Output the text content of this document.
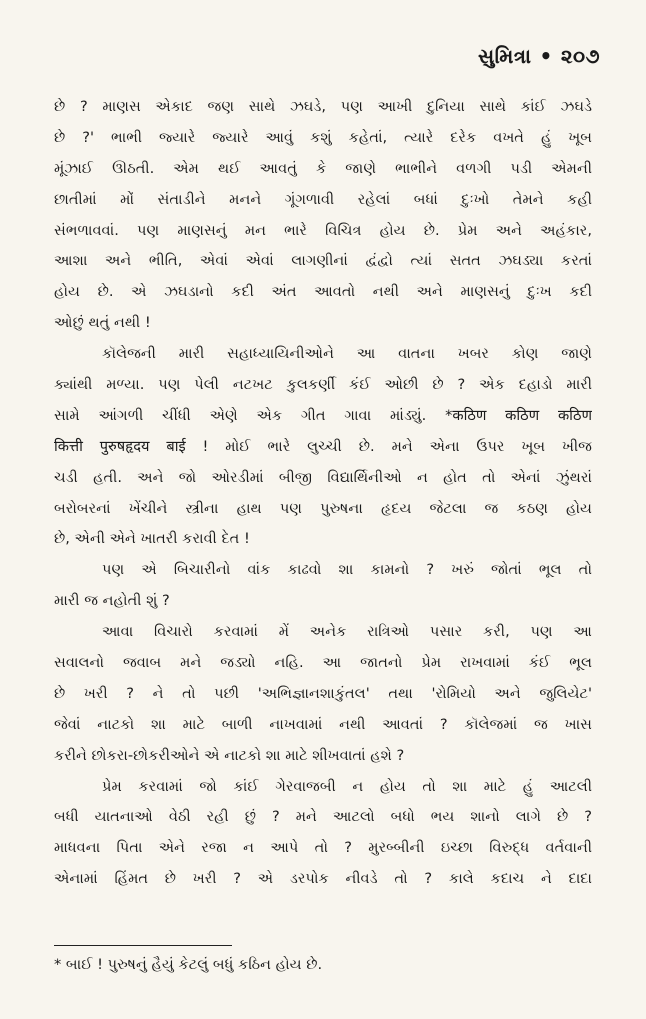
સુમિત્રા • ૨૦૭
છે ? માણસ એકાદ જણ સાથે ઝઘડે, પણ આખી દુનિયા સાથે કાંઈ ઝઘડે
છે ?' ભાભી જ્યારે જ્યારે આવું કશું કહેતાં, ત્યારે દરેક વખતે હું ખૂબ
મૂંઝાઈ ઊઠતી. એમ થઈ આવતું કે જાણે ભાભીને વળગી પડી એમની
છાતીમાં મોં સંતાડીને મનને ગૂંગળાવી રહેલાં બધાં દુઃખો તેમને કહી
સંભળાવવાં. પણ માણસનું મન ભારે વિચિત્ર હોય છે. પ્રેમ અને અહંકાર,
આશા અને ભીતિ, એવાં એવાં લાગણીનાં દ્વંદ્વો ત્યાં સતત ઝઘડ્યા કરતાં
હોય છે. એ ઝઘડાનો કદી અંત આવતો નથી અને માણસનું દુઃખ કદી
ઓછું થતું નથી !
કૉલેજની મારી સહાધ્યાયિનીઓને આ વાતના ખબર કોણ જાણે
ક્યાંથી મળ્યા. પણ પેલી નટખટ કુલકર્ણી કંઈ ઓછી છે ? એક દહાડો મારી
સામે આંગળી ચીંધી એણે એક ગીત ગાવા માંડ્યું. *कठिण कठिण कठिण
कित्ती पुरुषहृदय बाई ! મોઈ ભારે લુચ્ચી છે. મને એના ઉપર ખૂબ ખીજ
ચડી હતી. અને જો ઓરડીમાં બીજી વિદ્યાર્થિનીઓ ન હોત તો એનાં ઝુંથરાં
બરોબરનાં ખેંચીને સ્ત્રીના હાથ પણ પુરુષના હૃદય જેટલા જ કઠણ હોય
છે, એની એને ખાતરી કરાવી દેત !
પણ એ બિચારીનો વાંક કાઢવો શા કામનો ? ખરું જોતાં ભૂલ તો
મારી જ નહોતી શું ?
આવા વિચારો કરવામાં મેં અનેક રાત્રિઓ પસાર કરી, પણ આ
સવાલનો જવાબ મને જડ્યો નહિ. આ જાતનો પ્રેમ રાખવામાં કંઈ ભૂલ
છે ખરી ? ને તો પછી 'અભિજ્ઞાનશાકુંતલ' તથા 'રોમિયો અને જુલિયેટ'
જેવાં નાટકો શા માટે બાળી નાખવામાં નથી આવતાં ? કૉલેજમાં જ ખાસ
કરીને છોકરા-છોકરીઓને એ નાટકો શા માટે શીખવાતાં હશે ?
પ્રેમ કરવામાં જો કાંઈ ગેરવાજબી ન હોય તો શા માટે હું આટલી
બધી યાતનાઓ વેઠી રહી છું ? મને આટલો બધો ભય શાનો લાગે છે ?
માધવના પિતા એને રજા ન આપે તો ? મુરબ્બીની ઇચ્છા વિરુદ્ધ વર્તવાની
એનામાં હિંમત છે ખરી ? એ ડરપોક નીવડે તો ? કાલે કદાચ ને દાદા
* બાઈ ! પુરુષનું હૈયું કેટલું બધું કઠિન હોય છે.
